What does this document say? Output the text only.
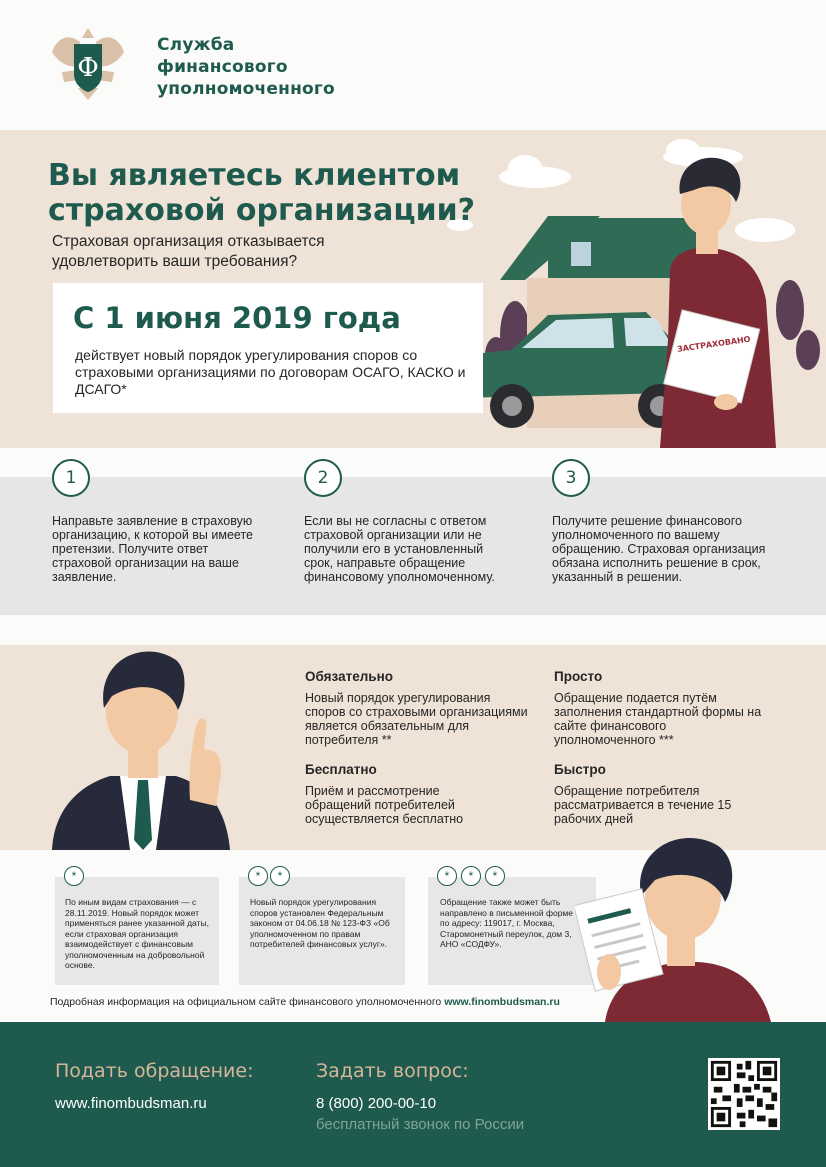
Ф
Служба
финансового
уполномоченного
ЗАСТРАХОВАНО
Вы являетесь клиентом
страховой организации?
Страховая организация отказывается
удовлетворить ваши требования?
С 1 июня 2019 года
действует новый порядок урегулирования споров со страховыми организациями по договорам ОСАГО, КАСКО и ДСАГО*
1
Направьте заявление в страховую организацию, к которой вы имеете претензии. Получите ответ страховой организации на ваше заявление.
2
Если вы не согласны с ответом страховой организации или не получили его в установленный срок, направьте обращение финансовому уполномоченному.
3
Получите решение финансового уполномоченного по вашему обращению. Страховая организация обязана исполнить решение в срок, указанный в решении.
Обязательно
Новый порядок урегулирования споров со страховыми организациями является обязательным для потребителя **
Просто
Обращение подается путём заполнения стандартной формы на сайте финансового уполномоченного ***
Бесплатно
Приём и рассмотрение обращений потребителей осуществляется бесплатно
Быстро
Обращение потребителя рассматривается в течение 15 рабочих дней
*
По иным видам страхования — с 28.11.2019. Новый порядок может применяться ранее указанной даты, если страховая организация взаимодействует с финансовым уполномоченным на добровольной основе.
*	*
Новый порядок урегулирования споров установлен Федеральным законом от 04.06.18 № 123-ФЗ «Об уполномоченном по правам потребителей финансовых услуг».
*	*	*
Обращение также может быть направлено в письменной форме по адресу: 119017, г. Москва, Старомонетный переулок, дом 3, АНО «СОДФУ».
Подробная информация на официальном сайте финансового уполномоченного www.finombudsman.ru
Подать обращение:
www.finombudsman.ru
Задать вопрос:
8 (800) 200-00-10
бесплатный звонок по России
